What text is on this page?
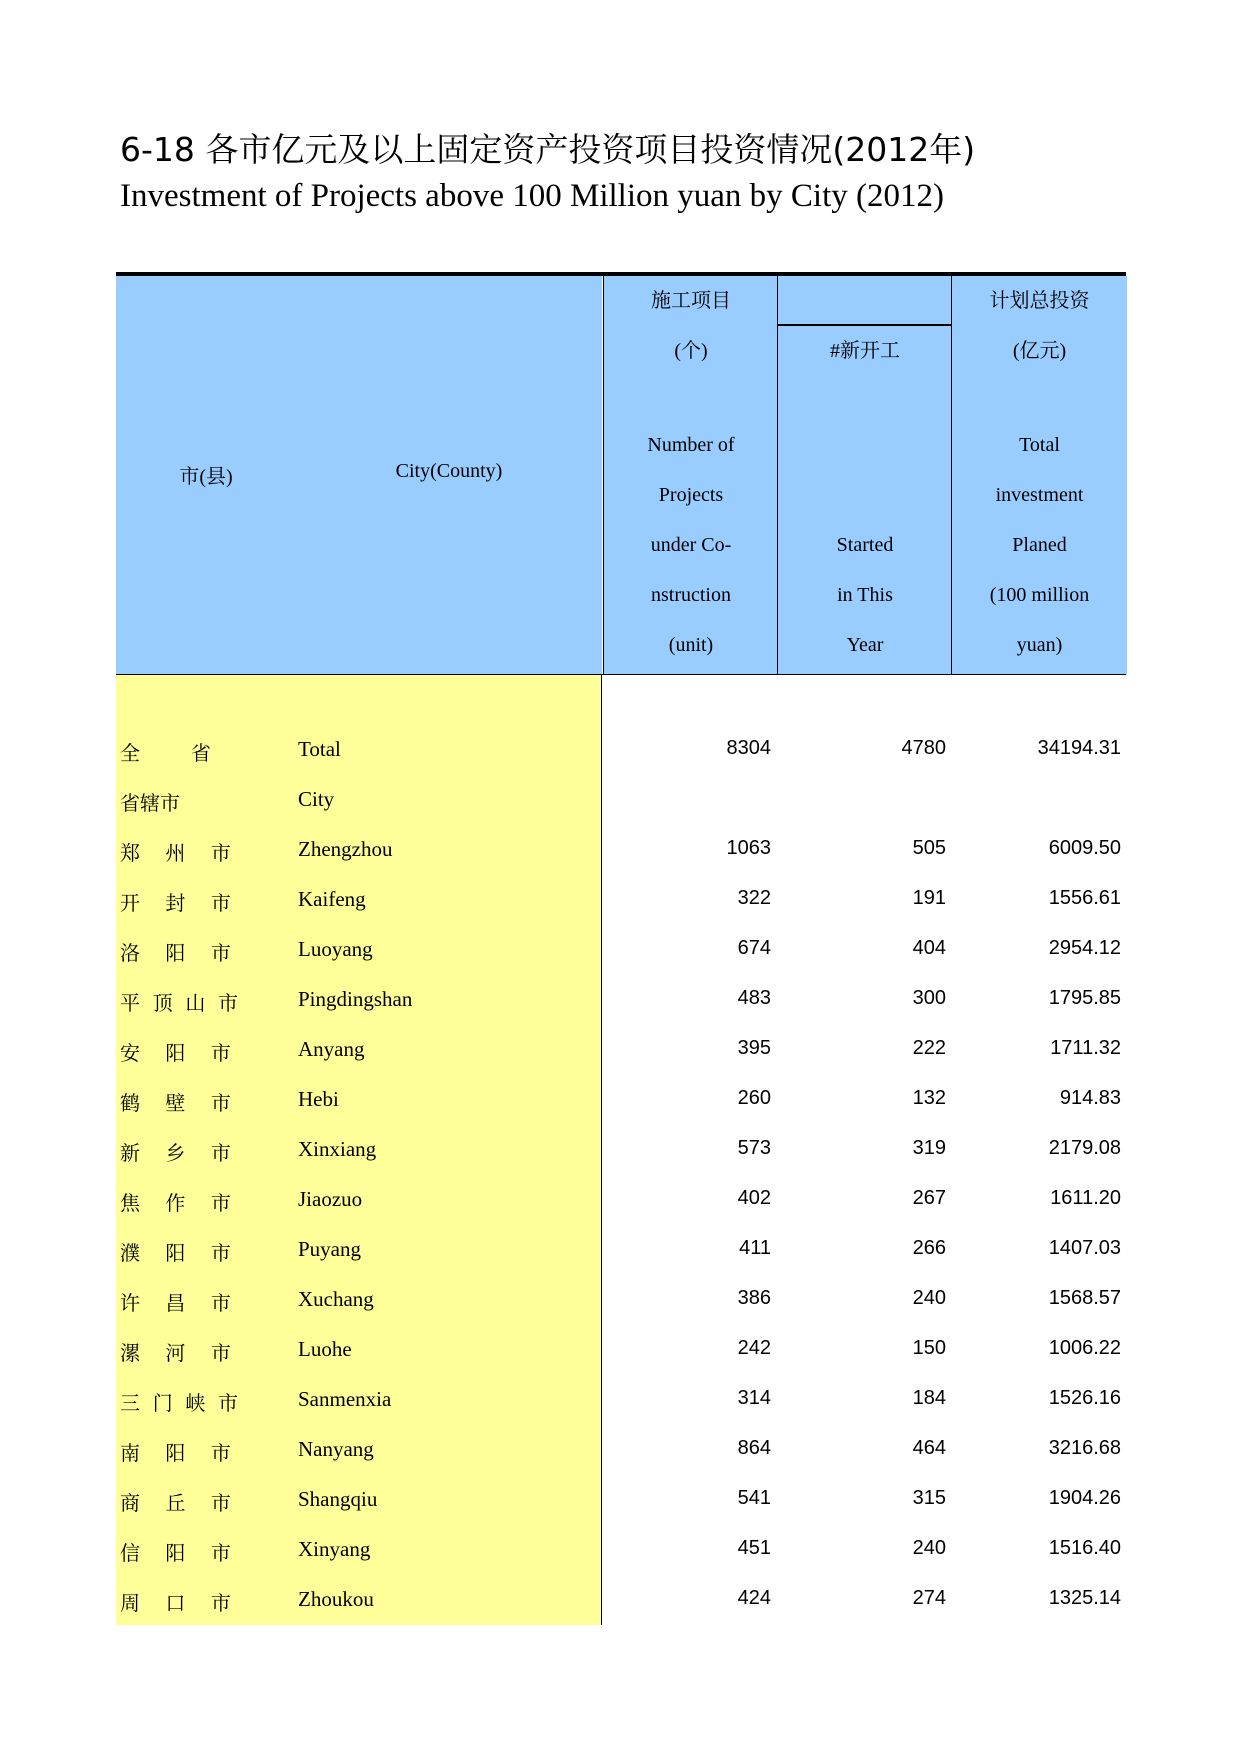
6-18 各市亿元及以上固定资产投资项目投资情况(2012年)
Investment of Projects above 100 Million yuan by City (2012)
市(县)	City(County)
施工项目
(个)
Number of
Projects
under Co-
nstruction
(unit)
#新开工
Started
in This
Year
计划总投资
(亿元)
Total
investment
Planed
(100 million
yuan)
全        省	Total	8304	4780	34194.31
省辖市	City
郑    州    市	Zhengzhou	1063	505	6009.50
开    封    市	Kaifeng	322	191	1556.61
洛    阳    市	Luoyang	674	404	2954.12
平  顶  山  市	Pingdingshan	483	300	1795.85
安    阳    市	Anyang	395	222	1711.32
鹤    壁    市	Hebi	260	132	914.83
新    乡    市	Xinxiang	573	319	2179.08
焦    作    市	Jiaozuo	402	267	1611.20
濮    阳    市	Puyang	411	266	1407.03
许    昌    市	Xuchang	386	240	1568.57
漯    河    市	Luohe	242	150	1006.22
三  门  峡  市	Sanmenxia	314	184	1526.16
南    阳    市	Nanyang	864	464	3216.68
商    丘    市	Shangqiu	541	315	1904.26
信    阳    市	Xinyang	451	240	1516.40
周    口    市	Zhoukou	424	274	1325.14
